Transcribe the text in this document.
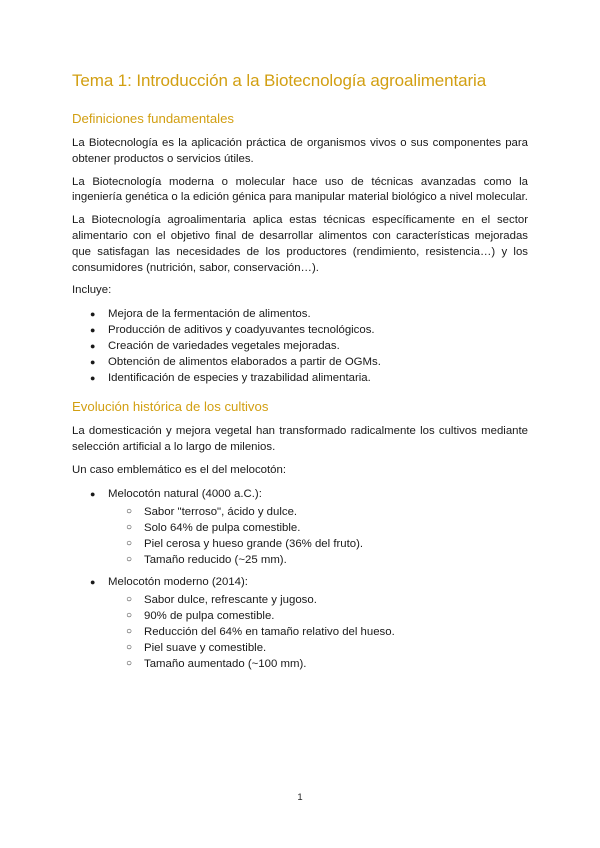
Tema 1: Introducción a la Biotecnología agroalimentaria
Definiciones fundamentales

La Biotecnología es la aplicación práctica de organismos vivos o sus componentes para obtener productos o servicios útiles.

La Biotecnología moderna o molecular hace uso de técnicas avanzadas como la ingeniería genética o la edición génica para manipular material biológico a nivel molecular.

La Biotecnología agroalimentaria aplica estas técnicas específicamente en el sector alimentario con el objetivo final de desarrollar alimentos con características mejoradas que satisfagan las necesidades de los productores (rendimiento, resistencia…) y los consumidores (nutrición, sabor, conservación…).

Incluye:

● Mejora de la fermentación de alimentos.
● Producción de aditivos y coadyuvantes tecnológicos.
● Creación de variedades vegetales mejoradas.
● Obtención de alimentos elaborados a partir de OGMs.
● Identificación de especies y trazabilidad alimentaria.
Evolución histórica de los cultivos

La domesticación y mejora vegetal han transformado radicalmente los cultivos mediante selección artificial a lo largo de milenios.

Un caso emblemático es el del melocotón:

● Melocotón natural (4000 a.C.):
○ Sabor "terroso", ácido y dulce.
○ Solo 64% de pulpa comestible.
○ Piel cerosa y hueso grande (36% del fruto).
○ Tamaño reducido (~25 mm).
● Melocotón moderno (2014):
○ Sabor dulce, refrescante y jugoso.
○ 90% de pulpa comestible.
○ Reducción del 64% en tamaño relativo del hueso.
○ Piel suave y comestible.
○ Tamaño aumentado (~100 mm).
1
